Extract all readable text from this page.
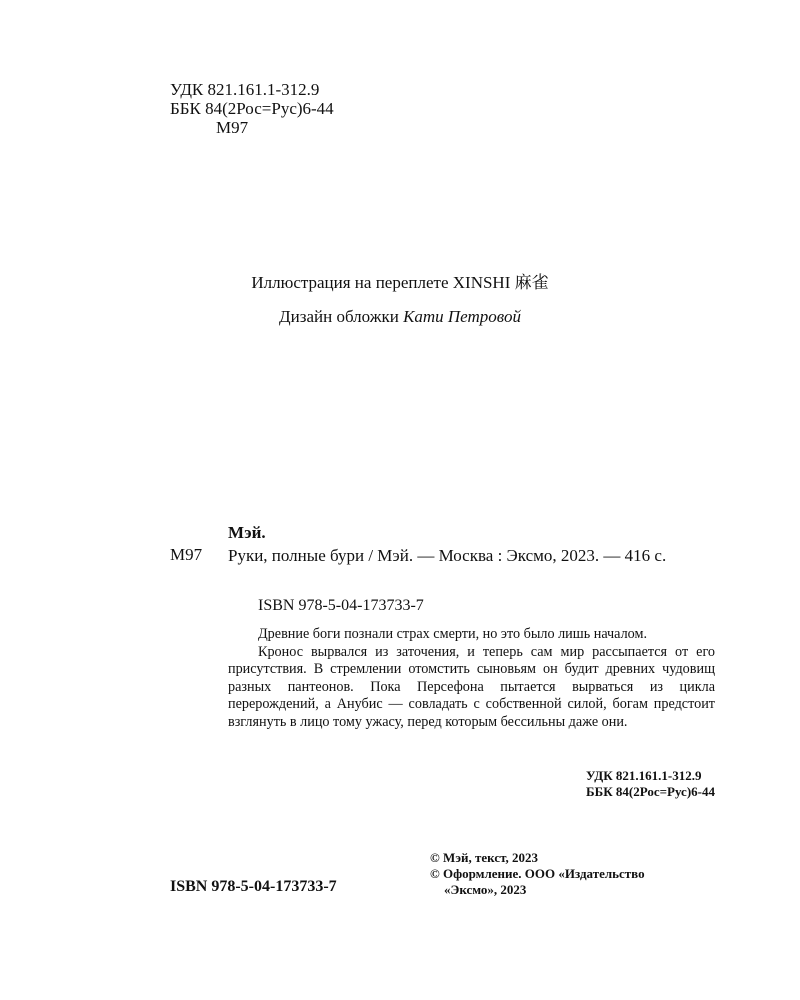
УДК 821.161.1-312.9
ББК 84(2Рос=Рус)6-44
М97
Иллюстрация на переплете XINSHI 麻雀
Дизайн обложки Кати Петровой
Мэй.
М97 Руки, полные бури / Мэй. — Москва : Эксмо, 2023. — 416 с.
ISBN 978-5-04-173733-7

Древние боги познали страх смерти, но это было лишь началом.

Кронос вырвался из заточения, и теперь сам мир рассыпается от его присутствия. В стремлении отомстить сыновьям он будит древних чудовищ разных пантеонов. Пока Персефона пытается вырваться из цикла перерождений, а Анубис — совладать с собственной силой, богам предстоит взглянуть в лицо тому ужасу, перед которым бессильны даже они.

УДК 821.161.1-312.9
ББК 84(2Рос=Рус)6-44
© Мэй, текст, 2023
© Оформление. ООО «Издательство
«Эксмо», 2023
ISBN 978-5-04-173733-7
